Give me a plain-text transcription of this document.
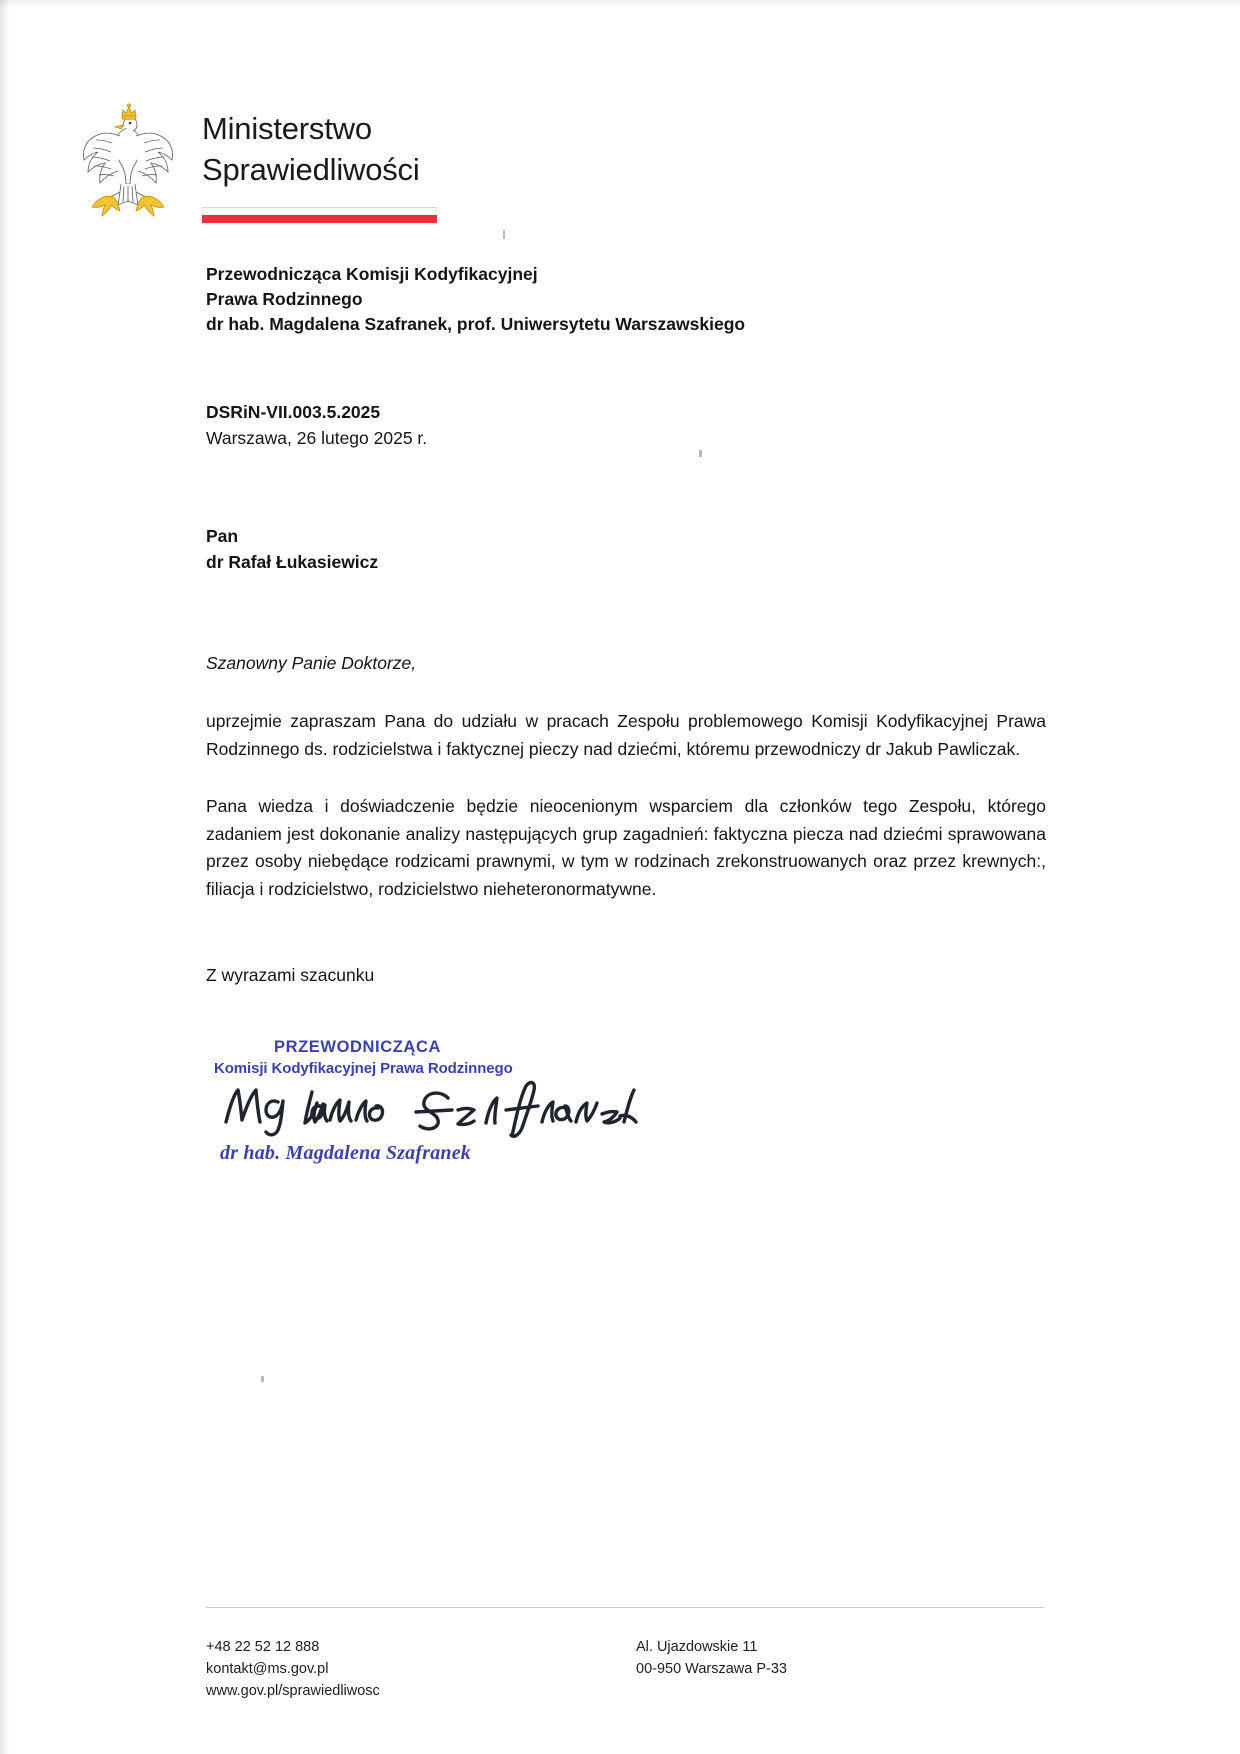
Ministerstwo
Sprawiedliwości
Przewodnicząca Komisji Kodyfikacyjnej
Prawa Rodzinnego
dr hab. Magdalena Szafranek, prof. Uniwersytetu Warszawskiego
DSRiN-VII.003.5.2025
Warszawa, 26 lutego 2025 r.
Pan
dr Rafał Łukasiewicz
Szanowny Panie Doktorze,

uprzejmie zapraszam Pana do udziału w pracach Zespołu problemowego Komisji Kodyfikacyjnej Prawa Rodzinnego ds. rodzicielstwa i faktycznej pieczy nad dziećmi, któremu przewodniczy dr Jakub Pawliczak.

Pana wiedza i doświadczenie będzie nieocenionym wsparciem dla członków tego Zespołu, którego zadaniem jest dokonanie analizy następujących grup zagadnień: faktyczna piecza nad dziećmi sprawowana przez osoby niebędące rodzicami prawnymi, w tym w rodzinach zrekonstruowanych oraz przez krewnych:, filiacja i rodzicielstwo, rodzicielstwo nieheteronormatywne.

Z wyrazami szacunku
PRZEWODNICZĄCA
Komisji Kodyfikacyjnej Prawa Rodzinnego
dr hab. Magdalena Szafranek
+48 22 52 12 888
kontakt@ms.gov.pl
www.gov.pl/sprawiedliwosc
Al. Ujazdowskie 11
00-950 Warszawa P-33
